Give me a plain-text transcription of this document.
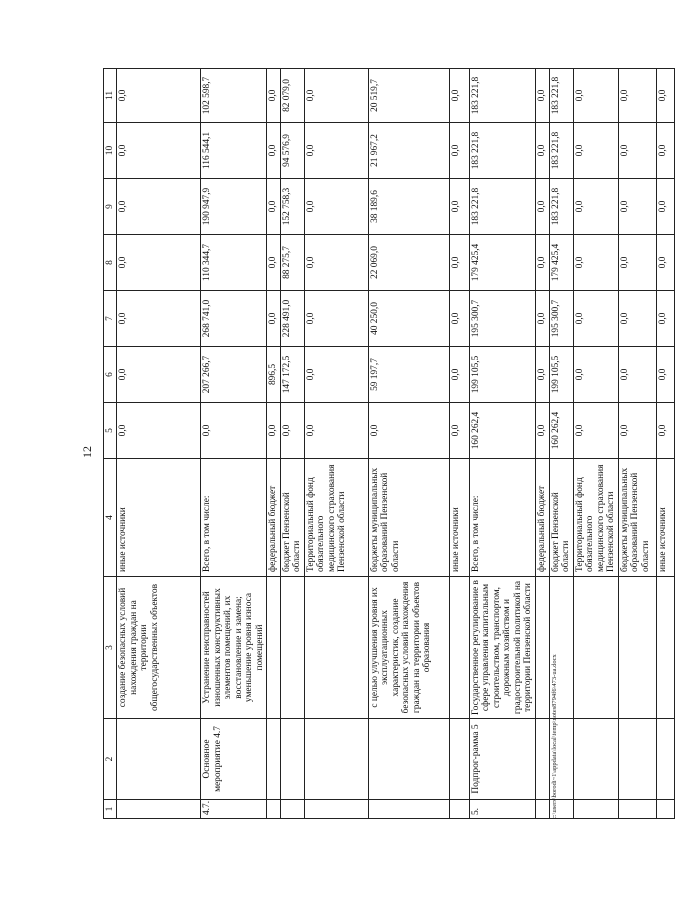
12
1	2	3	4	5	6	7	8	9	10	11
		создание безопасных условий нахождения граждан на территории общегосударственных объектов	иные источники	0,0	0,0	0,0	0,0	0,0	0,0	0,0
4.7.	Основное мероприятие 4.7	Устранение неисправностей изношенных конструктивных элементов помещений, их восстановление и замена; уменьшение уровня износа помещений	Всего, в том числе:	0,0	207 266,7	268 741,0	110 344,7	190 947,9	116 544,1	102 598,7
			федеральный бюджет	0,0	896,5	0,0	0,0	0,0	0,0	0,0
			бюджет Пензенской области	0,0	147 172,5	228 491,0	88 275,7	152 758,3	94 576,9	82 079,0
			Территориальный фонд обязательного медицинского страхования Пензенской области	0,0	0,0	0,0	0,0	0,0	0,0	0,0
		с целью улучшения уровня их эксплуатационных характеристик, создание безопасных условий нахождения граждан на территории объектов образования	бюджеты муниципальных образований Пензенской области	0,0	59 197,7	40 250,0	22 069,0	38 189,6	21 967,2	20 519,7
			иные источники	0,0	0,0	0,0	0,0	0,0	0,0	0,0
5.	Подпрог-рамма 5	Государственное регулирование в сфере управления капитальным строительством, транспортом, дорожным хозяйством и градостроительной политикой на территории Пензенской области	Всего, в том числе:	160 262,4	199 105,5	195 300,7	179 425,4	183 221,8	183 221,8	183 221,8
			федеральный бюджет	0,0	0,0	0,0	0,0	0,0	0,0	0,0
			бюджет Пензенской области	160 262,4	199 105,5	195 300,7	179 425,4	183 221,8	183 221,8	183 221,8
			Территориальный фонд обязательного медицинского страхования Пензенской области	0,0	0,0	0,0	0,0	0,0	0,0	0,0
			бюджеты муниципальных образований Пензенской области	0,0	0,0	0,0	0,0	0,0	0,0	0,0
			иные источники	0,0	0,0	0,0	0,0	0,0	0,0	0,0
c:\users\borodi~1\appdata\local\temp\notes8794f6\473-ua.docx
